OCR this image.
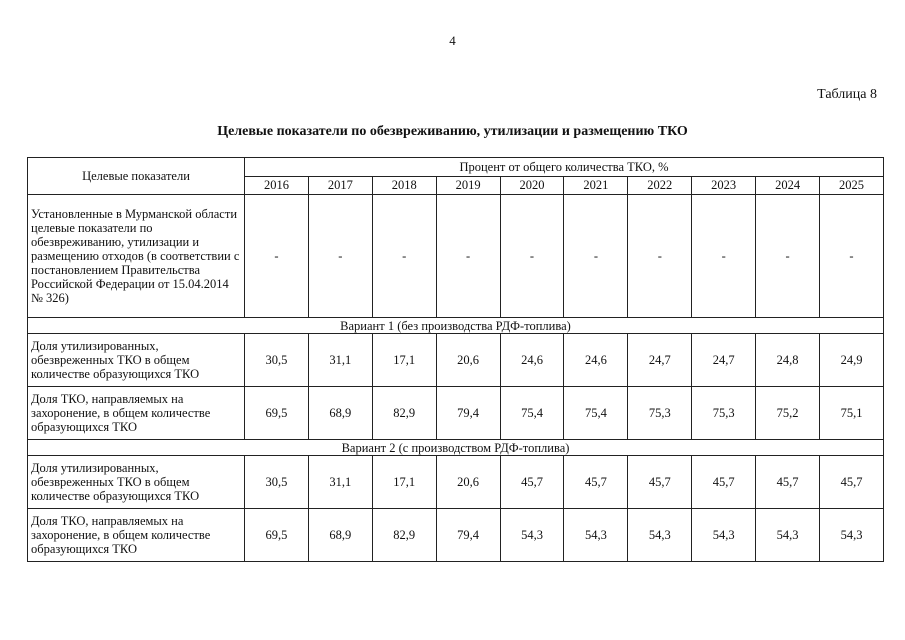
4
Таблица 8
Целевые показатели по обезвреживанию, утилизации и размещению ТКО
Целевые показатели	Процент от общего количества ТКО, %									
	2016	2017	2018	2019	2020	2021	2022	2023	2024	2025
Установленные в Мурманской области целевые показатели по обезвреживанию, утилизации и размещению отходов (в соответствии с постановлением Правительства Российской Федерации от 15.04.2014 № 326)	-	-	-	-	-	-	-	-	-	-
Вариант 1 (без производства РДФ-топлива)										
Доля утилизированных, обезвреженных ТКО в общем количестве образующихся ТКО	30,5	31,1	17,1	20,6	24,6	24,6	24,7	24,7	24,8	24,9
Доля ТКО, направляемых на захоронение, в общем количестве образующихся ТКО	69,5	68,9	82,9	79,4	75,4	75,4	75,3	75,3	75,2	75,1
Вариант 2 (с производством РДФ-топлива)										
Доля утилизированных, обезвреженных ТКО в общем количестве образующихся ТКО	30,5	31,1	17,1	20,6	45,7	45,7	45,7	45,7	45,7	45,7
Доля ТКО, направляемых на захоронение, в общем количестве образующихся ТКО	69,5	68,9	82,9	79,4	54,3	54,3	54,3	54,3	54,3	54,3
